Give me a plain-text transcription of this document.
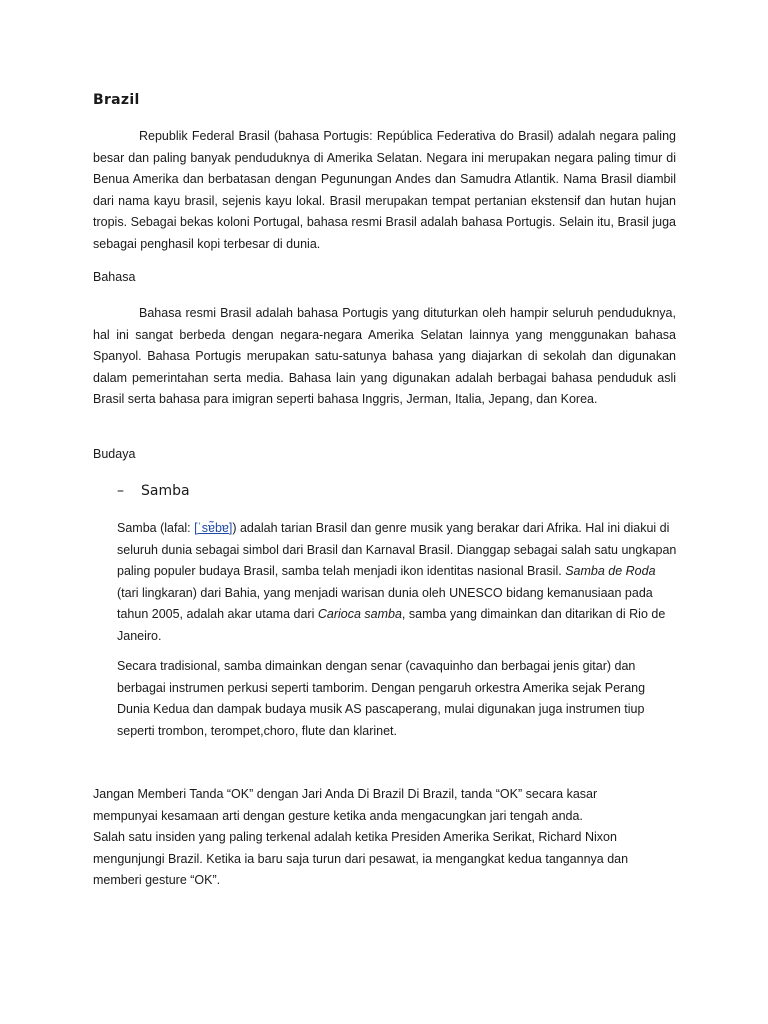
Brazil

Republik Federal Brasil (bahasa Portugis: República Federativa do Brasil) adalah negara paling besar dan paling banyak penduduknya di Amerika Selatan. Negara ini merupakan negara paling timur di Benua Amerika dan berbatasan dengan Pegunungan Andes dan Samudra Atlantik. Nama Brasil diambil dari nama kayu brasil, sejenis kayu lokal. Brasil merupakan tempat pertanian ekstensif dan hutan hujan tropis. Sebagai bekas koloni Portugal, bahasa resmi Brasil adalah bahasa Portugis. Selain itu, Brasil juga sebagai penghasil kopi terbesar di dunia.

Bahasa

Bahasa resmi Brasil adalah bahasa Portugis yang dituturkan oleh hampir seluruh penduduknya, hal ini sangat berbeda dengan negara-negara Amerika Selatan lainnya yang menggunakan bahasa Spanyol. Bahasa Portugis merupakan satu-satunya bahasa yang diajarkan di sekolah dan digunakan dalam pemerintahan serta media. Bahasa lain yang digunakan adalah berbagai bahasa penduduk asli Brasil serta bahasa para imigran seperti bahasa Inggris, Jerman, Italia, Jepang, dan Korea.

Budaya
– Samba

Samba (lafal: [ˈsɐ̃bɐ]) adalah tarian Brasil dan genre musik yang berakar dari Afrika. Hal ini diakui di seluruh dunia sebagai simbol dari Brasil dan Karnaval Brasil. Dianggap sebagai salah satu ungkapan paling populer budaya Brasil, samba telah menjadi ikon identitas nasional Brasil. Samba de Roda (tari lingkaran) dari Bahia, yang menjadi warisan dunia oleh UNESCO bidang kemanusiaan pada tahun 2005, adalah akar utama dari Carioca samba, samba yang dimainkan dan ditarikan di Rio de Janeiro.

Secara tradisional, samba dimainkan dengan senar (cavaquinho dan berbagai jenis gitar) dan berbagai instrumen perkusi seperti tamborim. Dengan pengaruh orkestra Amerika sejak Perang Dunia Kedua dan dampak budaya musik AS pascaperang, mulai digunakan juga instrumen tiup seperti trombon, terompet,choro, flute dan klarinet.

Jangan Memberi Tanda “OK” dengan Jari Anda Di Brazil Di Brazil, tanda “OK” secara kasar mempunyai kesamaan arti dengan gesture ketika anda mengacungkan jari tengah anda.
Salah satu insiden yang paling terkenal adalah ketika Presiden Amerika Serikat, Richard Nixon mengunjungi Brazil. Ketika ia baru saja turun dari pesawat, ia mengangkat kedua tangannya dan memberi gesture “OK”.
